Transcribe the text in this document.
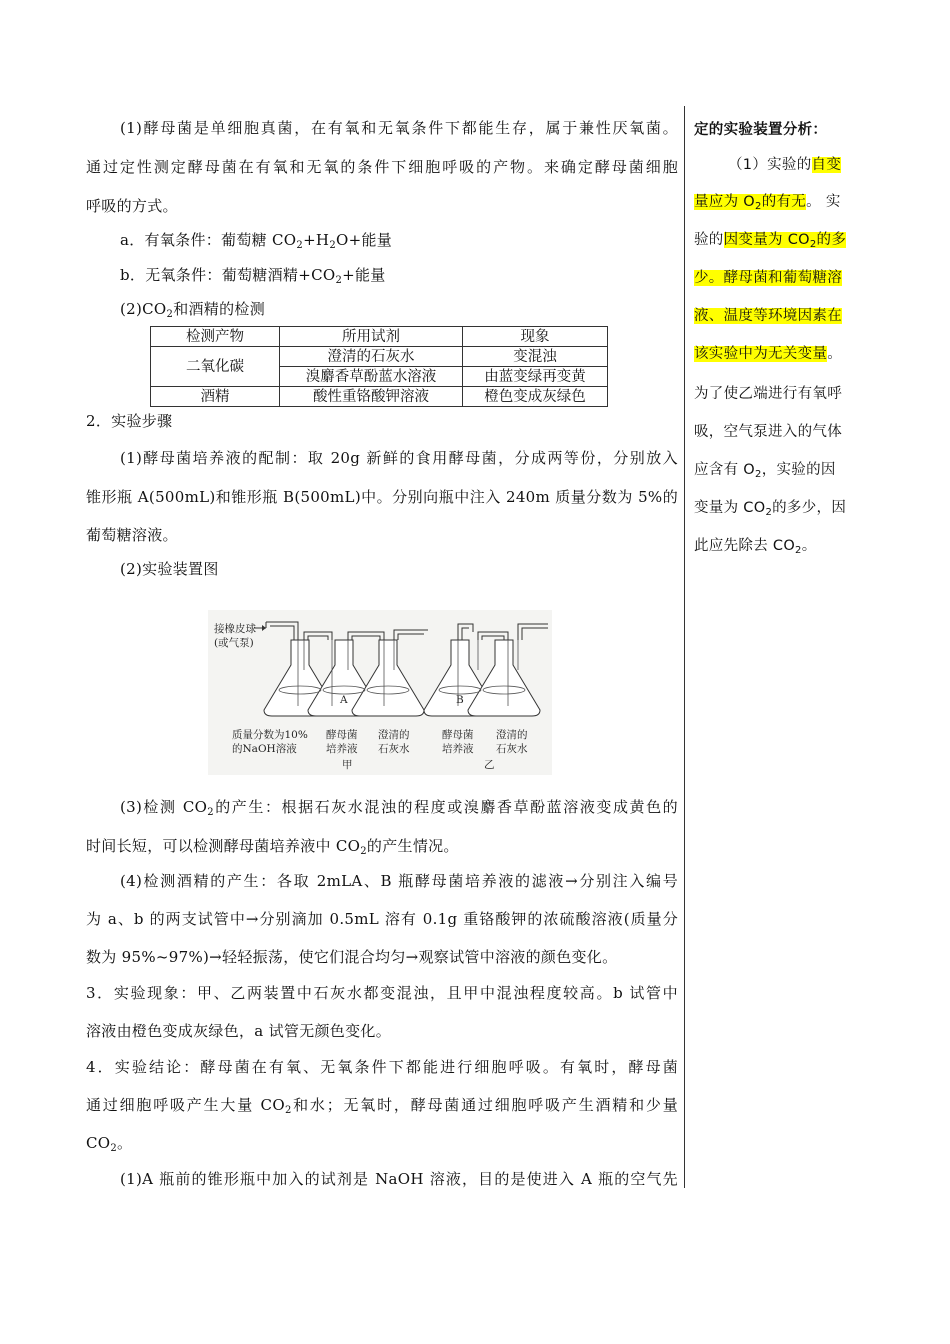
(1)酵母菌是单细胞真菌，在有氧和无氧条件下都能生存，属于兼性厌氧菌。
通过定性测定酵母菌在有氧和无氧的条件下细胞呼吸的产物。来确定酵母菌细胞
呼吸的方式。
a．有氧条件：葡萄糖 $CO_2+H_2O+$能量
b．无氧条件：葡萄糖酒精$+CO_2+$能量
$(2)CO_2$和酒精的检测
检测产物	所用试剂	现象
二氧化碳	澄清的石灰水	变混浊
	溴麝香草酚蓝水溶液	由蓝变绿再变黄
酒精	酸性重铬酸钾溶液	橙色变成灰绿色
2．实验步骤
(1)酵母菌培养液的配制：取 20g 新鲜的食用酵母菌，分成两等份，分别放入
锥形瓶 A(500mL)和锥形瓶 B(500mL)中。分别向瓶中注入 240m 质量分数为 5%的
葡萄糖溶液。
(2)实验装置图
接橡皮球
(或气泵)
A	B
质量分数为10%
的NaOH溶液
酵母菌
培养液
澄清的
石灰水
酵母菌
培养液
澄清的
石灰水
甲	乙
(3)检测 $CO_2$的产生：根据石灰水混浊的程度或溴麝香草酚蓝溶液变成黄色的
时间长短，可以检测酵母菌培养液中 $CO_2$的产生情况。
(4)检测酒精的产生：各取 2mLA、B 瓶酵母菌培养液的滤液→分别注入编号
为 a、b 的两支试管中→分别滴加 0.5mL 溶有 0.1g 重铬酸钾的浓硫酸溶液(质量分
数为 95%~97%)→轻轻振荡，使它们混合均匀→观察试管中溶液的颜色变化。
3．实验现象：甲、乙两装置中石灰水都变混浊，且甲中混浊程度较高。b 试管中
溶液由橙色变成灰绿色，a 试管无颜色变化。
4．实验结论：酵母菌在有氧、无氧条件下都能进行细胞呼吸。有氧时，酵母菌
通过细胞呼吸产生大量 $CO_2$和水；无氧时，酵母菌通过细胞呼吸产生酒精和少量
$CO_2$。
(1)A 瓶前的锥形瓶中加入的试剂是 NaOH 溶液，目的是使进入 A 瓶的空气先
定的实验装置分析：
（1）实验的自变
量应为 $O_2$的有无。 实
验的因变量为 $CO_2$的多
少。酵母菌和葡萄糖溶
液、温度等环境因素在
该实验中为无关变量。
为了使乙端进行有氧呼
吸，空气泵进入的气体
应含有 $O_2$，实验的因
变量为 $CO_2$的多少，因
此应先除去 $CO_2$。
